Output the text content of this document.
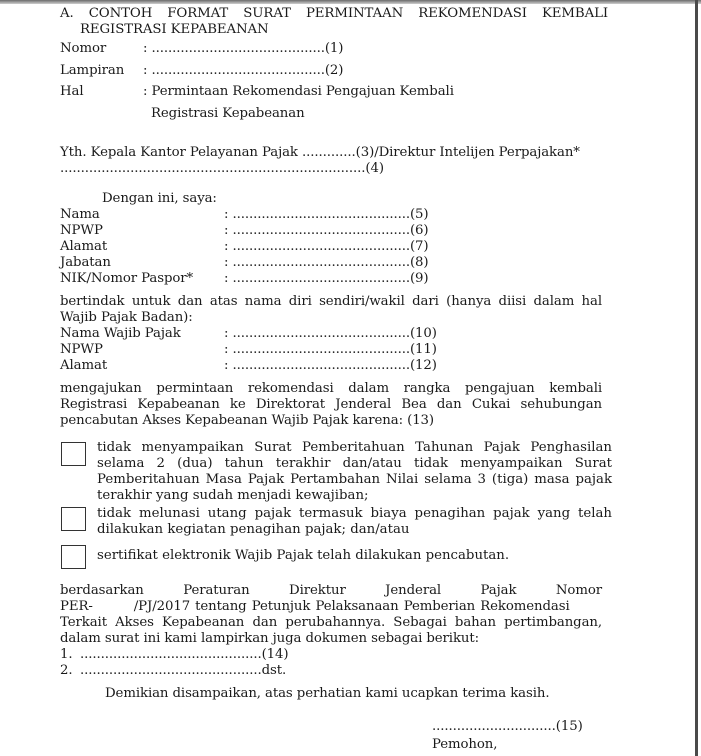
A. CONTOH FORMAT SURAT PERMINTAAN REKOMENDASI KEMBALI
REGISTRASI KEPABEANAN
Nomor	: ..........................................(1)
Lampiran : ..........................................(2)
Hal	: Permintaan Rekomendasi Pengajuan Kembali
Registrasi Kepabeanan
Yth. Kepala Kantor Pelayanan Pajak .............(3)/Direktur Intelijen Perpajakan*
..........................................................................(4)
Dengan ini, saya:
Nama	: ...........................................(5)
NPWP	: ...........................................(6)
Alamat	: ...........................................(7)
Jabatan	: ...........................................(8)
NIK/Nomor Paspor* : ...........................................(9)
bertindak untuk dan atas nama diri sendiri/wakil dari (hanya diisi dalam hal
Wajib Pajak Badan):
Nama Wajib Pajak	: ...........................................(10)
NPWP	: ...........................................(11)
Alamat	: ...........................................(12)
mengajukan permintaan rekomendasi dalam rangka pengajuan kembali
Registrasi Kepabeanan ke Direktorat Jenderal Bea dan Cukai sehubungan
pencabutan Akses Kepabeanan Wajib Pajak karena: (13)
tidak menyampaikan Surat Pemberitahuan Tahunan Pajak Penghasilan
selama 2 (dua) tahun terakhir dan/atau tidak menyampaikan Surat
Pemberitahuan Masa Pajak Pertambahan Nilai selama 3 (tiga) masa pajak
terakhir yang sudah menjadi kewajiban;
tidak melunasi utang pajak termasuk biaya penagihan pajak yang telah
dilakukan kegiatan penagihan pajak; dan/atau
sertifikat elektronik Wajib Pajak telah dilakukan pencabutan.
berdasarkan Peraturan Direktur Jenderal Pajak Nomor
PER-        /PJ/2017 tentang Petunjuk Pelaksanaan Pemberian Rekomendasi
Terkait Akses Kepabeanan dan perubahannya. Sebagai bahan pertimbangan,
dalam surat ini kami lampirkan juga dokumen sebagai berikut:
1. ............................................(14)
2. ............................................dst.
Demikian disampaikan, atas perhatian kami ucapkan terima kasih.
..............................(15)
Pemohon,
